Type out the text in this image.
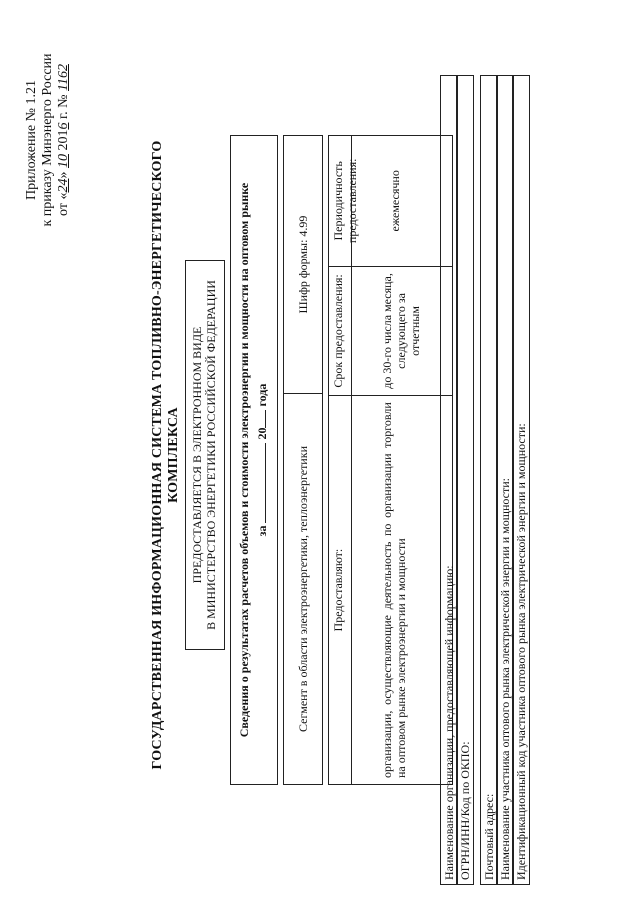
Приложение № 1.21 к приказу Минэнерго России от «24» 10 2016 г. № 1162
ГОСУДАРСТВЕННАЯ ИНФОРМАЦИОННАЯ СИСТЕМА ТОПЛИВНО-ЭНЕРГЕТИЧЕСКОГО КОМПЛЕКСА ПРЕДОСТАВЛЯЕТСЯ В ЭЛЕКТРОННОМ ВИДЕ В МИНИСТЕРСТВО ЭНЕРГЕТИКИ РОССИЙСКОЙ ФЕДЕРАЦИИ	Сведения о результатах расчетов объемов и стоимости электроэнергии и мощности на оптовом рынке за  20 года
Сегмент в области электроэнергетики, теплоэнергетики
Шифр формы: 4.99
Предоставляют:
Срок предоставления:
Периодичность предоставления:
организации, осуществляющие деятельность по организации торговли на оптовом рынке электроэнергии и мощности
до 30-го числа месяца, следующего за отчетным
ежемесячно
Наименование организации, предоставляющей информацию: ОГРН/ИНН/Код по ОКПО: Почтовый адрес: Наименование участника оптового рынка электрической энергии и мощности: Идентификационный код участника оптового рынка электрической энергии и мощности:
